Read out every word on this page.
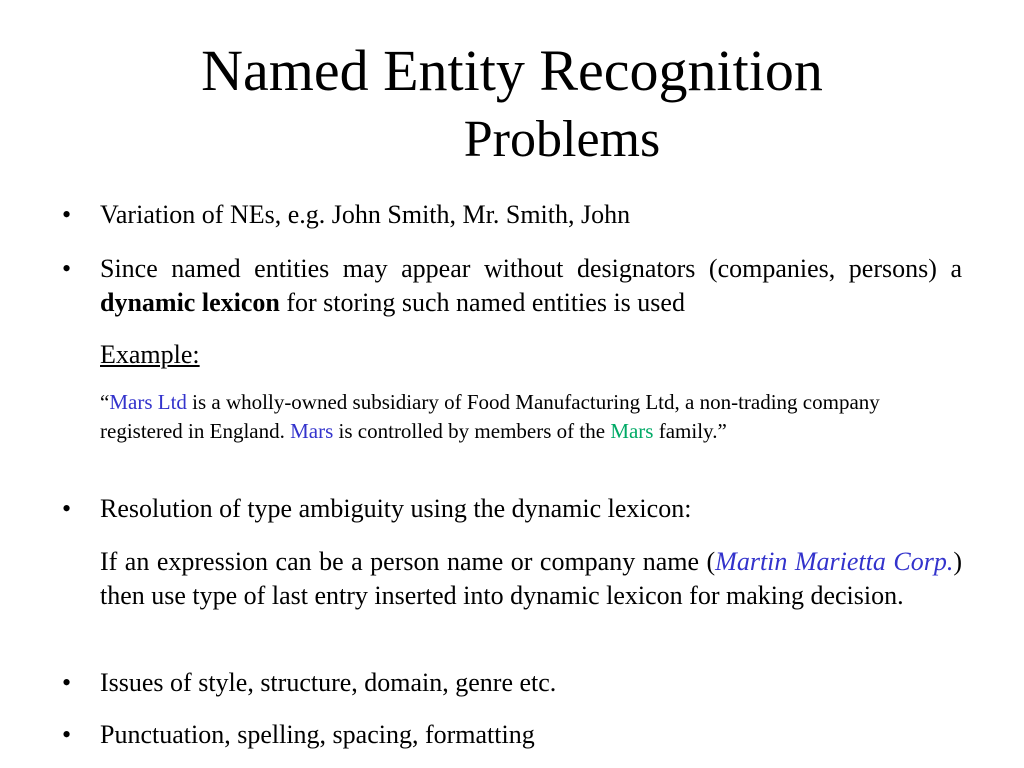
Named Entity Recognition
Problems
• Variation of NEs, e.g. John Smith, Mr. Smith, John
• Since named entities may appear without designators (companies, persons) a dynamic lexicon for storing such named entities is used
Example:
“Mars Ltd is a wholly-owned subsidiary of Food Manufacturing Ltd, a non-trading company registered in England. Mars is controlled by members of the Mars family.”
• Resolution of type ambiguity using the dynamic lexicon:
If an expression can be a person name or company name (Martin Marietta Corp.) then use type of last entry inserted into dynamic lexicon for making decision.
• Issues of style, structure, domain, genre etc.
• Punctuation, spelling, spacing, formatting
